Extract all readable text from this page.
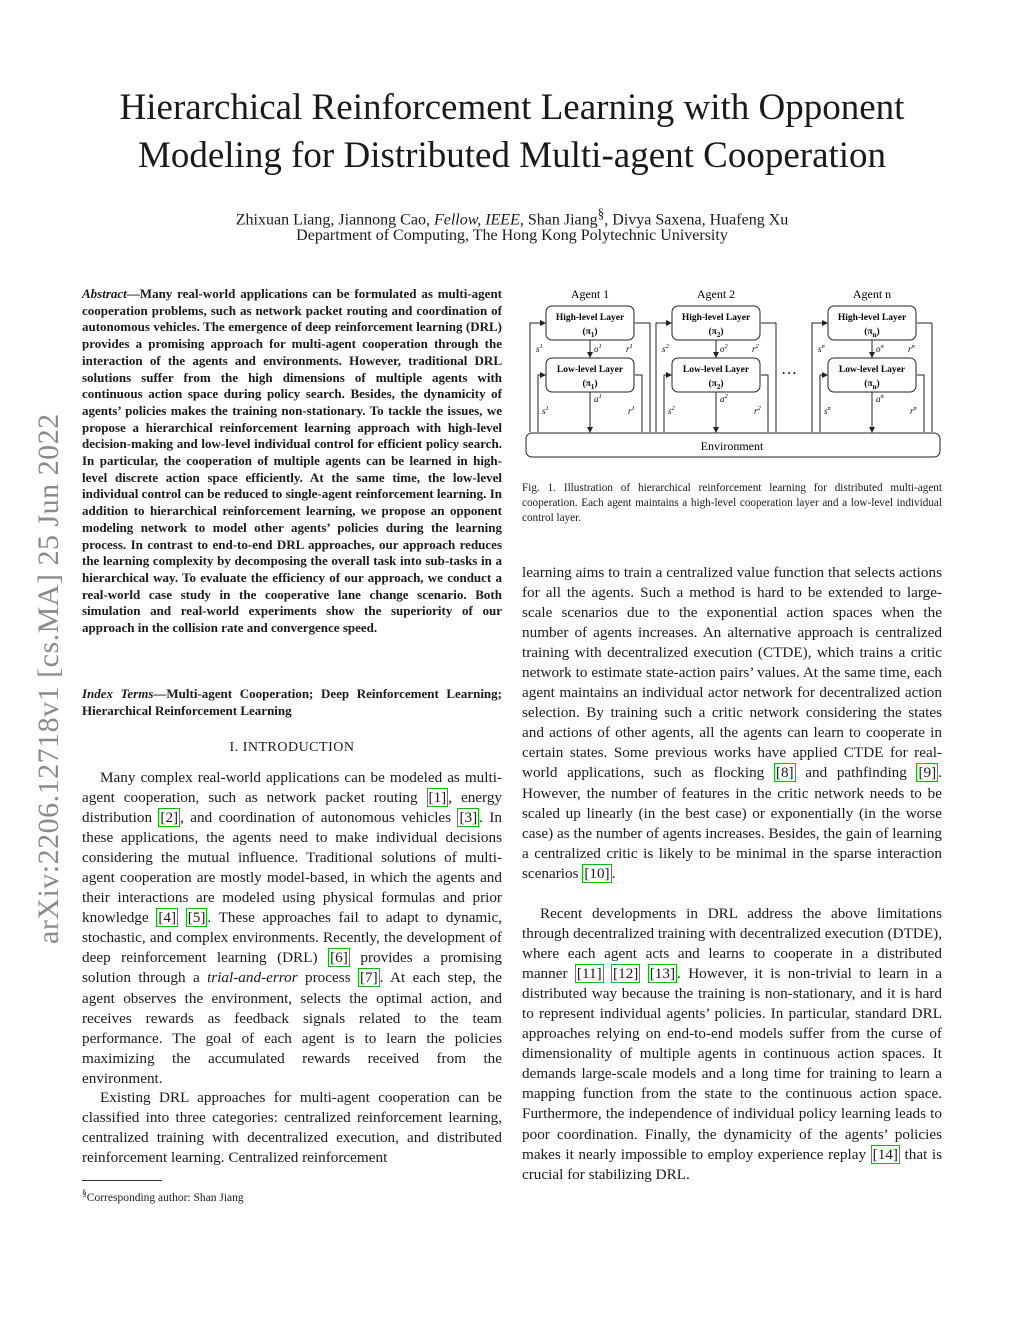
arXiv:2206.12718v1 [cs.MA] 25 Jun 2022
Hierarchical Reinforcement Learning with Opponent Modeling for Distributed Multi-agent Cooperation
Zhixuan Liang, Jiannong Cao, Fellow, IEEE, Shan Jiang§, Divya Saxena, Huafeng Xu
Department of Computing, The Hong Kong Polytechnic University
Abstract—Many real-world applications can be formulated as multi-agent cooperation problems, such as network packet routing and coordination of autonomous vehicles. The emergence of deep reinforcement learning (DRL) provides a promising approach for multi-agent cooperation through the interaction of the agents and environments. However, traditional DRL solutions suffer from the high dimensions of multiple agents with continuous action space during policy search. Besides, the dynamicity of agents’ policies makes the training non-stationary. To tackle the issues, we propose a hierarchical reinforcement learning approach with high-level decision-making and low-level individual control for efficient policy search. In particular, the cooperation of multiple agents can be learned in high-level discrete action space efficiently. At the same time, the low-level individual control can be reduced to single-agent reinforcement learning. In addition to hierarchical reinforcement learning, we propose an opponent modeling network to model other agents’ policies during the learning process. In contrast to end-to-end DRL approaches, our approach reduces the learning complexity by decomposing the overall task into sub-tasks in a hierarchical way. To evaluate the efficiency of our approach, we conduct a real-world case study in the cooperative lane change scenario. Both simulation and real-world experiments show the superiority of our approach in the collision rate and convergence speed.
Index Terms—Multi-agent Cooperation; Deep Reinforcement Learning; Hierarchical Reinforcement Learning
I. INTRODUCTION

Many complex real-world applications can be modeled as multi-agent cooperation, such as network packet routing [1] , energy distribution [2] , and coordination of autonomous vehicles [3] . In these applications, the agents need to make individual decisions considering the mutual influence. Traditional solutions of multi-agent cooperation are mostly model-based, in which the agents and their interactions are modeled using physical formulas and prior knowledge [4] [5] . These approaches fail to adapt to dynamic, stochastic, and complex environments. Recently, the development of deep reinforcement learning (DRL) [6] provides a promising solution through a trial-and-error process [7] . At each step, the agent observes the environment, selects the optimal action, and receives rewards as feedback signals related to the team performance. The goal of each agent is to learn the policies maximizing the accumulated rewards received from the environment.

Existing DRL approaches for multi-agent cooperation can be classified into three categories: centralized reinforcement learning, centralized training with decentralized execution, and distributed reinforcement learning. Centralized reinforcement

§Corresponding author: Shan Jiang
Agent 1
High-level Layer
$(\pi_1)$
Low-level Layer
$(\pi_1)$
$s^1$	$o^1$	$r^1$
$a^1$
$s^1$	$r^1$
Agent 2
High-level Layer
$(\pi_2)$
Low-level Layer
$(\pi_2)$
$s^2$	$o^2$	$r^2$
$a^2$
$s^2$	$r^2$
…
Agent n
High-level Layer
$(\pi_n)$
Low-level Layer
$(\pi_n)$
$s^n$	$o^n$	$r^n$
$a^n$
$s^n$	$r^n$
Environment
Fig. 1. Illustration of hierarchical reinforcement learning for distributed multi-agent cooperation. Each agent maintains a high-level cooperation layer and a low-level individual control layer.

learning aims to train a centralized value function that selects actions for all the agents. Such a method is hard to be extended to large-scale scenarios due to the exponential action spaces when the number of agents increases. An alternative approach is centralized training with decentralized execution (CTDE), which trains a critic network to estimate state-action pairs’ values. At the same time, each agent maintains an individual actor network for decentralized action selection. By training such a critic network considering the states and actions of other agents, all the agents can learn to cooperate in certain states. Some previous works have applied CTDE for real-world applications, such as flocking [8] and pathfinding [9] . However, the number of features in the critic network needs to be scaled up linearly (in the best case) or exponentially (in the worse case) as the number of agents increases. Besides, the gain of learning a centralized critic is likely to be minimal in the sparse interaction scenarios [10] .

Recent developments in DRL address the above limitations through decentralized training with decentralized execution (DTDE), where each agent acts and learns to cooperate in a distributed manner [11] [12] [13] . However, it is non-trivial to learn in a distributed way because the training is non-stationary, and it is hard to represent individual agents’ policies. In particular, standard DRL approaches relying on end-to-end models suffer from the curse of dimensionality of multiple agents in continuous action spaces. It demands large-scale models and a long time for training to learn a mapping function from the state to the continuous action space. Furthermore, the independence of individual policy learning leads to poor coordination. Finally, the dynamicity of the agents’ policies makes it nearly impossible to employ experience replay [14] that is crucial for stabilizing DRL.
